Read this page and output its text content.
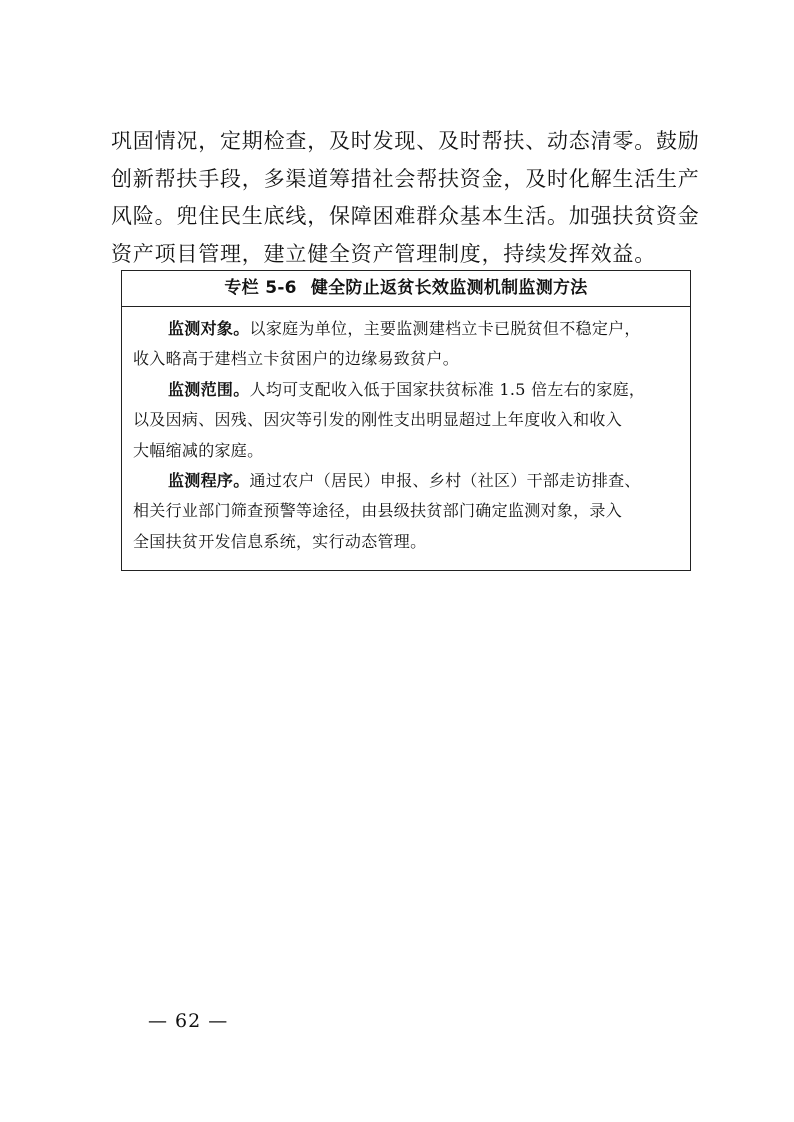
巩固情况，定期检查，及时发现、及时帮扶、动态清零。鼓励
创新帮扶手段，多渠道筹措社会帮扶资金，及时化解生活生产
风险。兜住民生底线，保障困难群众基本生活。加强扶贫资金
资产项目管理，建立健全资产管理制度，持续发挥效益。
专栏 5-6 健全防止返贫长效监测机制监测方法
监测对象。以家庭为单位，主要监测建档立卡已脱贫但不稳定户，
收入略高于建档立卡贫困户的边缘易致贫户。
监测范围。人均可支配收入低于国家扶贫标准 1.5 倍左右的家庭，
以及因病、因残、因灾等引发的刚性支出明显超过上年度收入和收入
大幅缩减的家庭。
监测程序。通过农户（居民）申报、乡村（社区）干部走访排查、
相关行业部门筛查预警等途径，由县级扶贫部门确定监测对象，录入
全国扶贫开发信息系统，实行动态管理。
— 62 —
